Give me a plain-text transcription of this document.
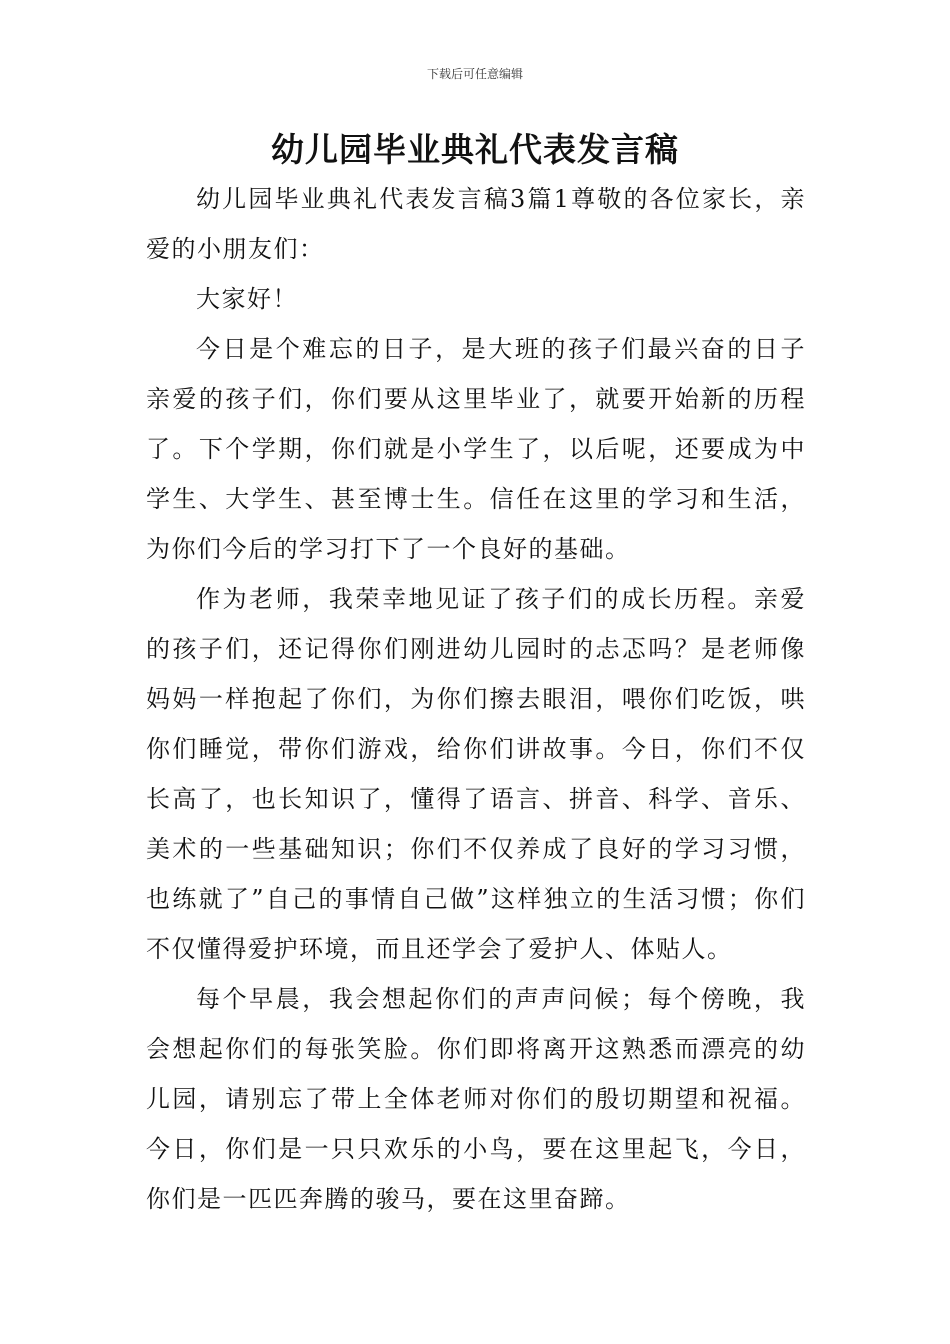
下载后可任意编辑
幼儿园毕业典礼代表发言稿

幼儿园毕业典礼代表发言稿3篇1尊敬的各位家长，亲爱的小朋友们：

大家好！

今日是个难忘的日子，是大班的孩子们最兴奋的日子亲爱的孩子们，你们要从这里毕业了，就要开始新的历程了。下个学期，你们就是小学生了，以后呢，还要成为中学生、大学生、甚至博士生。信任在这里的学习和生活，为你们今后的学习打下了一个良好的基础。

作为老师，我荣幸地见证了孩子们的成长历程。亲爱的孩子们，还记得你们刚进幼儿园时的忐忑吗？是老师像妈妈一样抱起了你们，为你们擦去眼泪，喂你们吃饭，哄你们睡觉，带你们游戏，给你们讲故事。今日，你们不仅长高了，也长知识了，懂得了语言、拼音、科学、音乐、美术的一些基础知识；你们不仅养成了良好的学习习惯，也练就了”自己的事情自己做”这样独立的生活习惯；你们不仅懂得爱护环境，而且还学会了爱护人、体贴人。

每个早晨，我会想起你们的声声问候；每个傍晚，我会想起你们的每张笑脸。你们即将离开这熟悉而漂亮的幼儿园，请别忘了带上全体老师对你们的殷切期望和祝福。今日，你们是一只只欢乐的小鸟，要在这里起飞，今日，你们是一匹匹奔腾的骏马，要在这里奋蹄。
